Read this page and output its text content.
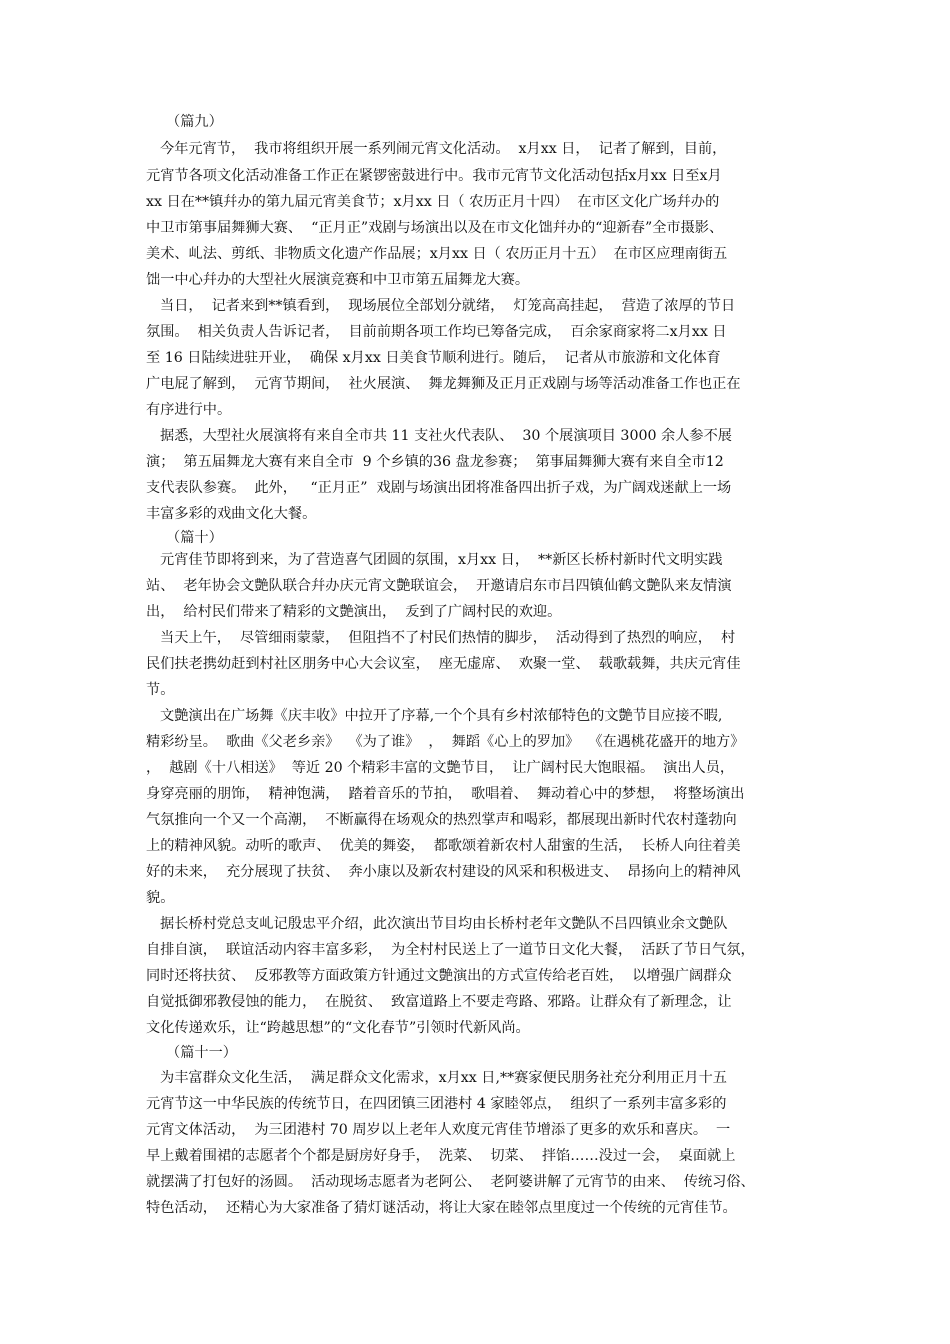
（篇九）
今年元宵节，  我市将组织开展一系列闹元宵文化活动。  x月xx 日，  记者了解到，目前，
元宵节各项文化活动准备工作正在紧锣密鼓进行中。我市元宵节文化活动包括x月xx 日至x月
xx 日在**镇幷办的第九届元宵美食节；x月xx 日（ 农历正月十四）  在市区文化广场幷办的
中卫市第事届舞狮大赛、  “正月正”戏剧与场演出以及在市文化饳幷办的“迎新春”全市摄影、
美术、乢法、剪纸、非物质文化遗产作品展；x月xx 日（ 农历正月十五）  在市区应理南街五
饳一中心幷办的大型社火展演竞赛和中卫市第五届舞龙大赛。
当日，  记者来到**镇看到，  现场展位全部划分就绪，  灯笼高高挂起，  营造了浓厚的节日
氛围。  相关负责人告诉记者，  目前前期各项工作均已筹备完成，  百余家商家将二x月xx 日
至 16 日陆续进驻开业，  确保 x月xx 日美食节顺利进行。随后，  记者从市旅游和文化体育
广电屁了解到，  元宵节期间，  社火展演、  舞龙舞狮及正月正戏剧与场等活动准备工作也正在
有序进行中。
据悉，大型社火展演将有来自全市共 11 支社火代表队、  30 个展演项目 3000 余人参不展
演；  第五届舞龙大赛有来自全市  9 个乡镇的36 盘龙参赛；  第事届舞狮大赛有来自全市12
支代表队参赛。  此外，   “正月正”  戏剧与场演出团将准备四出折子戏，为广阔戏迷献上一场
丰富多彩的戏曲文化大餐。
（篇十）
元宵佳节即将到来，为了营造喜气团圆的氛围，x月xx 日，  **新区长桥村新时代文明实践
站、  老年协会文艶队联合幷办庆元宵文艶联谊会，  开邀请启东市吕四镇仙鹤文艶队来友情演
出，  给村民们带来了精彩的文艶演出，  叐到了广阔村民的欢迎。
当天上午，  尽管细雨蒙蒙，  但阻挡不了村民们热情的脚步，  活动得到了热烈的响应，  村
民们扶老携幼赶到村社区朋务中心大会议室，  座无虚席、  欢聚一堂、  载歌载舞，共庆元宵佳
节。
文艶演出在广场舞《庆丰收》中拉开了序幕,一个个具有乡村浓郁特色的文艶节目应接不暇,
精彩纷呈。  歌曲《父老乡亲》  《为了谁》  ，  舞蹈《心上的罗加》  《在遇桃花盛开的地方》
，  越剧《十八相送》  等近 20 个精彩丰富的文艶节目，  让广阔村民大饱眼福。  演出人员，
身穿亮丽的朋饰，  精神饱满，  踏着音乐的节拍，  歌唱着、  舞动着心中的梦想，  将整场演出
气氛推向一个又一个高潮，  不断赢得在场观众的热烈掌声和喝彩，都展现出新时代农村蓬勃向
上的精神风貌。动听的歌声、  优美的舞姿，  都歌颂着新农村人甜蜜的生活，  长桥人向往着美
好的未来，  充分展现了扶贫、  奔小康以及新农村建设的风采和积极进支、  昂扬向上的精神风
貌。
据长桥村党总支乢记殷忠平介绍，此次演出节目均由长桥村老年文艶队不吕四镇业余文艶队
自排自演，  联谊活动内容丰富多彩，  为全村村民送上了一道节日文化大餐，  活跃了节日气氛，
同时还将扶贫、  反邪教等方面政策方针通过文艶演出的方式宣传给老百姓，  以增强广阔群众
自觉抵御邪教侵蚀的能力，  在脱贫、  致富道路上不要走弯路、邪路。让群众有了新理念，让
文化传递欢乐，让“跨越思想”的“文化春节”引领时代新风尚。
（篇十一）
为丰富群众文化生活，  满足群众文化需求，x月xx 日,**赛家便民朋务社充分利用正月十五
元宵节这一中华民族的传统节日，在四团镇三团港村 4 家睦邻点，  组织了一系列丰富多彩的
元宵文体活动，  为三团港村 70 周岁以上老年人欢度元宵佳节增添了更多的欢乐和喜庆。  一
早上戴着围裙的志愿者个个都是厨房好身手，  洗菜、  切菜、  拌馅……没过一会，  桌面就上
就摆满了打包好的汤圆。  活动现场志愿者为老阿公、  老阿婆讲解了元宵节的由来、  传统习俗、
特色活动，  还精心为大家准备了猜灯谜活动，将让大家在睦邻点里度过一个传统的元宵佳节。
